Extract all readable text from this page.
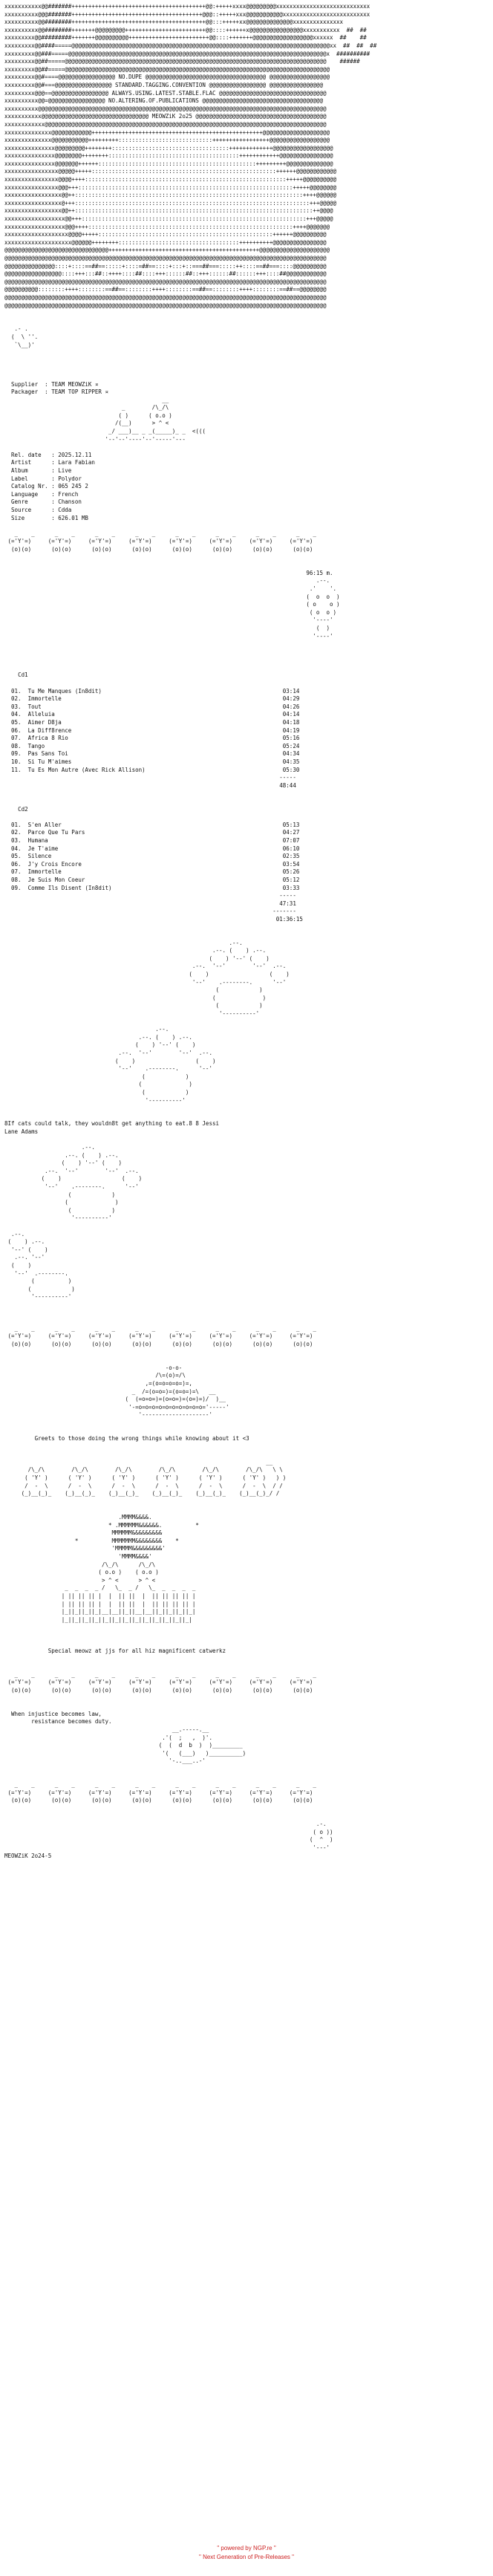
xxxxxxxxxxx@@#######++++++++++++++++++++++++++++++++++++++++@@:+++++xxxx@@@@@@@@@xxxxxxxxxxxxxxxxxxxxxxxxxxxx
xxxxxxxxxx@@@#######+++++++++++++++++++++++++++++++++++++++@@@::+++++xxx@@@@@@@@@@@xxxxxxxxxxxxxxxxxxxxxxxxxx
xxxxxxxxxx@@########++++++++++++++++++++++++++++++++++++++++@@:::+++++xx@@@@@@@@@@@@@@xxxxxxxxxxxxxxx
xxxxxxxxxx@@########+++++++@@@@@@@@@++++++++++++++++++++++++@@::::++++++x@@@@@@@@@@@@@@@@xxxxxxxxxxx  ##  ##
xxxxxxxxx@@#########+++++++@@@@@@@@@@++++++++++++++++++++++++@@::::+++++++@@@@@@@@@@@@@@@@@@xxxxxx  ##    ##
xxxxxxxxx@@####=====@@@@@@@@@@@@@@@@@@@@@@@@@@@@@@@@@@@@@@@@@@@@@@@@@@@@@@@@@@@@@@@@@@@@@@@@@@@@@xx  ##  ##  ##
xxxxxxxxx@@###=====@@@@@@@@@@@@@@@@@@@@@@@@@@@@@@@@@@@@@@@@@@@@@@@@@@@@@@@@@@@@@@@@@@@@@@@@@@@@@x  ##########
xxxxxxxxx@@##=====@@@@@@@@@@@@@@@@@@@@@@@@@@@@@@@@@@@@@@@@@@@@@@@@@@@@@@@@@@@@@@@@@@@@@@@@@@@@@@    ######
xxxxxxxxx@@##=====@@@@@@@@@@@@@@@@@@@@@@@@@@@@@@@@@@@@@@@@@@@@@@@@@@@@@@@@@@@@@@@@@@@@@@@@@@@@@@@
xxxxxxxxx@@#====@@@@@@@@@@@@@@@@@ NO.DUPE @@@@@@@@@@@@@@@@@@@@@@@@@@@@@@@@@@@@ @@@@@@@@@@@@@@@@@@
xxxxxxxxx@@#===@@@@@@@@@@@@@@@@@ STANDARD.TAGGING.CONVENTION @@@@@@@@@@@@@@@@@ @@@@@@@@@@@@@@@@
xxxxxxxxx@@@==@@@@@@@@@@@@@@@@@ ALWAYS.USING.LATEST.STABLE.FLAC @@@@@@@@@@@@@@@@@@@@@@@@@@@@@@@@
xxxxxxxxxx@@=@@@@@@@@@@@@@@@@@ NO.ALTERING.OF.PUBLICATIONS @@@@@@@@@@@@@@@@@@@@@@@@@@@@@@@@@@@@
xxxxxxxxxx@@@@@@@@@@@@@@@@@@@@@@@@@@@@@@@@@@@@@@@@@@@@@@@@@@@@@@@@@@@@@@@@@@@@@@@@@@@@@@@@@@@@@@
xxxxxxxxxxx@@@@@@@@@@@@@@@@@@@@@@@@@@@@@@@@ MEOWZiK 2o25 @@@@@@@@@@@@@@@@@@@@@@@@@@@@@@@@@@@@@@@
xxxxxxxxxxxx@@@@@@@@@@@@@@@@@@@@@@@@@@@@@@@@@@@@@@@@@@@@@@@@@@@@@@@@@@@@@@@@@@@@@@@@@@@@@@@@@@@@
xxxxxxxxxxxxxx@@@@@@@@@@@@+++++++++++++++++++++++++++++++++++++++++++++++++++@@@@@@@@@@@@@@@@@@@@
xxxxxxxxxxxxxx@@@@@@@@@@@+++++++++::::::::::::::::::::::::::::+++++++++++++++++@@@@@@@@@@@@@@@@@@
xxxxxxxxxxxxxxx@@@@@@@@@++++++++:::::::::::::::::::::::::::::::::::+++++++++++++@@@@@@@@@@@@@@@@@@
xxxxxxxxxxxxxxx@@@@@@@@++++++++:::::::::::::::::::::::::::::::::::::::++++++++++++@@@@@@@@@@@@@@@@
xxxxxxxxxxxxxxx@@@@@@@++++++:::::::::::::::::::::::::::::::::::::::::::::::+++++++++@@@@@@@@@@@@@@
xxxxxxxxxxxxxxxx@@@@@+++++:::::::::::::::::::::::::::::::::::::::::::::::::::::::++++++@@@@@@@@@@@@
xxxxxxxxxxxxxxxx@@@@++++::::::::::::::::::::::::::::::::::::::::::::::::::::::::::::+++++@@@@@@@@@@
xxxxxxxxxxxxxxxx@@@+++::::::::::::::::::::::::::::::::::::::::::::::::::::::::::::::::+++++@@@@@@@@
xxxxxxxxxxxxxxxxx@@++::::::::::::::::::::::::::::::::::::::::::::::::::::::::::::::::::::++++@@@@@@
xxxxxxxxxxxxxxxxx@+++::::::::::::::::::::::::::::::::::::::::::::::::::::::::::::::::::::::+++@@@@@
xxxxxxxxxxxxxxxxx@@++:::::::::::::::::::::::::::::::::::::::::::::::::::::::::::::::::::::::++@@@@
xxxxxxxxxxxxxxxxxx@@+++:::::::::::::::::::::::::::::::::::::::::::::::::::::::::::::::::::+++@@@@@
xxxxxxxxxxxxxxxxxx@@@++++:::::::::::::::::::::::::::::::::::::::::::::::::::::::::::::++++@@@@@@@
xxxxxxxxxxxxxxxxxxx@@@@+++++::::::::::::::::::::::::::::::::::::::::::::::::::::++++++@@@@@@@@@@
xxxxxxxxxxxxxxxxxxxx@@@@@@++++++++::::::::::::::::::::::::::::::::::::++++++++++@@@@@@@@@@@@@@@@
@@@@@@@@@@@@@@@@@@@@@@@@@@@@@@@+++++++++++++++++++++++++++++++++++++++++++++@@@@@@@@@@@@@@@@@@@@@
@@@@@@@@@@@@@@@@@@@@@@@@@@@@@@@@@@@@@@@@@@@@@@@@@@@@@@@@@@@@@@@@@@@@@@@@@@@@@@@@@@@@@@@@@@@@@@@@
@@@@@@@@@@@@@@@::::+::::==##==:::::+::::=##==::::+:::+::===##===:::::++::::==##===::::@@@@@@@@@@
@@@@@@@@@@@@@@@@@::::+++:::##::++++::::##::::+++::::::##::+++::::::##::::::+++::::##@@@@@@@@@@@@
@@@@@@@@@@@@@@@@@@@@@@@@@@@@@@@@@@@@@@@@@@@@@@@@@@@@@@@@@@@@@@@@@@@@@@@@@@@@@@@@@@@@@@@@@@@@@@@@
@@@@@@@@@@::::::::++++::::::::==##==::::::::++++::::::::==##==::::::::++++::::::::==##==@@@@@@@@
@@@@@@@@@@@@@@@@@@@@@@@@@@@@@@@@@@@@@@@@@@@@@@@@@@@@@@@@@@@@@@@@@@@@@@@@@@@@@@@@@@@@@@@@@@@@@@@@
@@@@@@@@@@@@@@@@@@@@@@@@@@@@@@@@@@@@@@@@@@@@@@@@@@@@@@@@@@@@@@@@@@@@@@@@@@@@@@@@@@@@@@@@@@@@@@@@

.- .
(  \ ''.
`\__)'

Supplier  : TEAM MEOWZiK ¤
Packager  : TEAM TOP RIPPER ¤
__
_        /\_/\
( )      ( o.o )
/(__)      > ^ <
_/ ___)__ _ _(_____)_ _  <(((
'--'--'----'--'-----'---

Rel. date   : 2025.12.11
Artist      : Lara Fabian
Album       : Live
Label       : Polydor
Catalog Nr. : 065 245 2
Language    : French
Genre       : Chanson
Source      : Cdda
Size        : 626.01 MB

_    _      _    _      _    _      _    _      _    _      _    _      _    _      _    _
(='Y'=)     (='Y'=)     (='Y'=)     (='Y'=)     (='Y'=)     (='Y'=)     (='Y'=)     (='Y'=)
(o)(o)      (o)(o)      (o)(o)      (o)(o)      (o)(o)      (o)(o)      (o)(o)      (o)(o)

96:15 m.
.--.
.'    '.
(  o  o  )
( o    o )
( o  o )
'----'
(  )
'----'

Cd1

01. Tu Me Manques (In8dit)                                                      03:14
02. Immortelle                                                                  04:29
03. Tout                                                                        04:26
04. Alleluia                                                                    04:14
05. Aimer D8ja                                                                  04:18
06. La Diff8rence                                                               04:19
07. Africa 8 Rio                                                                05:16
08. Tango                                                                       05:24
09. Pas Sans Toi                                                                04:34
10. Si Tu M'aimes                                                               04:35
11. Tu Es Mon Autre (Avec Rick Allison)                                         05:30
-----
48:44

Cd2

01. S'en Aller                                                                  05:13
02. Parce Que Tu Pars                                                           04:27
03. Humana                                                                      07:07
04. Je T'aime                                                                   06:10
05. Silence                                                                     02:35
06. J'y Crois Encore                                                            03:54
07. Immortelle                                                                  05:26
08. Je Suis Mon Coeur                                                           05:12
09. Comme Ils Disent (In8dit)                                                   03:33
-----
47:31
-------
01:36:15

.--.
.--. (    ) .--.
(    ) '--' (    )
.--.  '--'        '--'  .--.
(    )                  (    )
'--'    .--------.      '--'
(            )
(              )
(            )
'----------'

.--.
.--. (    ) .--.
(    ) '--' (    )
.--.  '--'        '--'  .--.
(    )                  (    )
'--'    .--------.      '--'
(            )
(              )
(            )
'----------'

8If cats could talk, they wouldn8t get anything to eat.8 8 Jessi
Lane Adams

.--.
.--. (    ) .--.
(    ) '--' (    )
.--.  '--'        '--'  .--.
(    )                  (    )
'--'    .--------.      '--'
(            )
(              )
(            )
'----------'

.--.
(    ) .--.
'--' (    )
.--. '--'
(    )
'--'  .--------.
(          )
(            )
'----------'

_    _      _    _      _    _      _    _      _    _      _    _      _    _      _    _
(='Y'=)     (='Y'=)     (='Y'=)     (='Y'=)     (='Y'=)     (='Y'=)     (='Y'=)     (='Y'=)
(o)(o)      (o)(o)      (o)(o)      (o)(o)      (o)(o)      (o)(o)      (o)(o)      (o)(o)

-o-o-
/\=(o)=/\
,=(o=o=o=o=)=,
_  /=(o=o=)=(o=o=)=\   __
(  (=o=o=)=(o=o=)=(o=)=)/  )__
'-=o=o=o=o=o=o=o=o=o=o='-----'
'--------------------'

Greets to those doing the wrong things while knowing about it <3

__
/\_/\        /\_/\        /\_/\        /\_/\        /\_/\        /\_/\   \ \
( 'Y' )      ( 'Y' )      ( 'Y' )      ( 'Y' )      ( 'Y' )      ( 'Y' )   ) )
/  -  \      /  -  \      /  -  \      /  -  \      /  -  \      /  -  \  / /
(_)__(_)_    (_)__(_)_    (_)__(_)_    (_)__(_)_    (_)__(_)_    (_)__(_)_/ /

.MMMM&&&&.
* .MMMMMM&&&&&&.          *
MMMMMM&&&&&&&&&
*          MMMMMMM&&&&&&&&    *
'MMMMM&&&&&&&&&'
'MMMM&&&&'
/\_/\      /\_/\
( o.o )    ( o.o )
> ^ <      > ^ <
_  _  _  _ /   \_  _ /   \_  _  _  _  _
| || || || |  |  || ||  |  || || || || |
| || || || |  |  || ||  |  || || || || |
|_||_||_||_|__|__||_||__|__||_||_||_||_|
|_||_||_||_||_||_||_||_||_||_||_||_||_|

Special meowz at jjs for all hiz magnificent catwerkz

_    _      _    _      _    _      _    _      _    _      _    _      _    _      _    _
(='Y'=)     (='Y'=)     (='Y'=)     (='Y'=)     (='Y'=)     (='Y'=)     (='Y'=)     (='Y'=)
(o)(o)      (o)(o)      (o)(o)      (o)(o)      (o)(o)      (o)(o)      (o)(o)      (o)(o)

When injustice becomes law,
resistance becomes duty.
__.-----.__
.'(  ;   ,  )'.
(  (  d  b  )  )_________
'(   (___)   )__________)
'-..___..-'

_    _      _    _      _    _      _    _      _    _      _    _      _    _      _    _
(='Y'=)     (='Y'=)     (='Y'=)     (='Y'=)     (='Y'=)     (='Y'=)     (='Y'=)     (='Y'=)
(o)(o)      (o)(o)      (o)(o)      (o)(o)      (o)(o)      (o)(o)      (o)(o)      (o)(o)

.-.
( o ))
(  ^  )
'---'
MEOWZiK 2o24-5

" powered by NGP.re "
" Next Generation of Pre-Releases "
